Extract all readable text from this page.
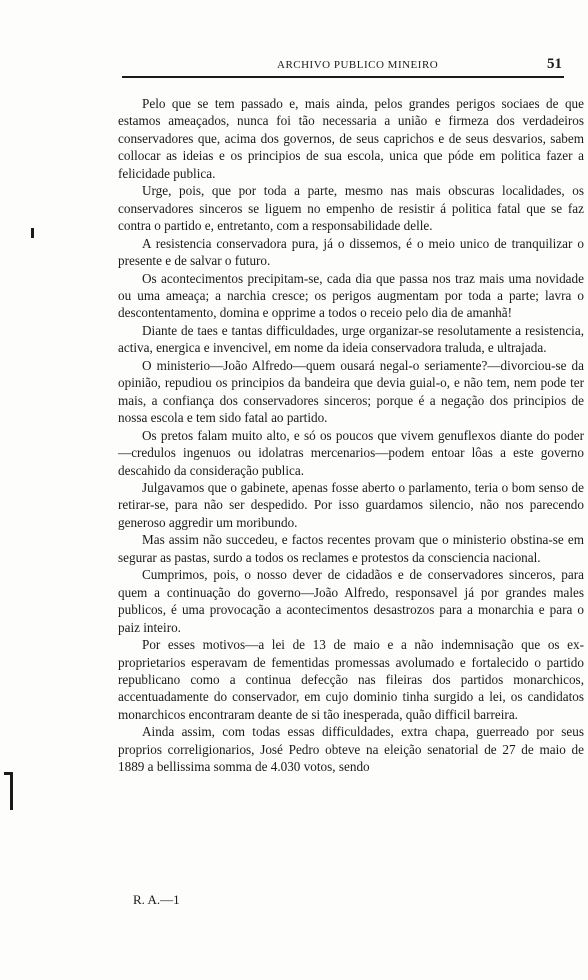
ARCHIVO PUBLICO MINEIRO	51

Pelo que se tem passado e, mais ainda, pelos grandes perigos sociaes de que estamos ameaçados, nunca foi tão necessaria a união e firmeza dos verdadeiros conservadores que, acima dos governos, de seus caprichos e de seus desvarios, sabem collocar as ideias e os principios de sua escola, unica que póde em politica fazer a felicidade publica.

Urge, pois, que por toda a parte, mesmo nas mais obscuras localidades, os conservadores sinceros se liguem no empenho de resistir á politica fatal que se faz contra o partido e, entretanto, com a responsabilidade delle.

A resistencia conservadora pura, já o dissemos, é o meio unico de tranquilizar o presente e de salvar o futuro.

Os acontecimentos precipitam-se, cada dia que passa nos traz mais uma novidade ou uma ameaça; a narchia cresce; os perigos augmentam por toda a parte; lavra o descontentamento, domina e opprime a todos o receio pelo dia de amanhã!

Diante de taes e tantas difficuldades, urge organizar-se resolutamente a resistencia, activa, energica e invencivel, em nome da ideia conservadora traluda, e ultrajada.

O ministerio—João Alfredo—quem ousará negal-o seriamente?—divorciou-se da opinião, repudiou os principios da bandeira que devia guial-o, e não tem, nem pode ter mais, a confiança dos conservadores sinceros; porque é a negação dos principios de nossa escola e tem sido fatal ao partido.

Os pretos falam muito alto, e só os poucos que vivem genuflexos diante do poder—credulos ingenuos ou idolatras mercenarios—podem entoar lôas a este governo descahido da consideração publica.

Julgavamos que o gabinete, apenas fosse aberto o parlamento, teria o bom senso de retirar-se, para não ser despedido. Por isso guardamos silencio, não nos parecendo generoso aggredir um moribundo.

Mas assim não succedeu, e factos recentes provam que o ministerio obstina-se em segurar as pastas, surdo a todos os reclames e protestos da consciencia nacional.

Cumprimos, pois, o nosso dever de cidadãos e de conservadores sinceros, para quem a continuação do governo—João Alfredo, responsavel já por grandes males publicos, é uma provocação a acontecimentos desastrozos para a monarchia e para o paiz inteiro.

Por esses motivos—a lei de 13 de maio e a não indemnisação que os ex-proprietarios esperavam de fementidas promessas avolumado e fortalecido o partido republicano como a continua defecção nas fileiras dos partidos monarchicos, accentuadamente do conservador, em cujo dominio tinha surgido a lei, os candidatos monarchicos encontraram deante de si tão inesperada, quão difficil barreira.

Ainda assim, com todas essas difficuldades, extra chapa, guerreado por seus proprios correligionarios, José Pedro obteve na eleição senatorial de 27 de maio de 1889 a bellissima somma de 4.030 votos, sendo

R. A.—1
